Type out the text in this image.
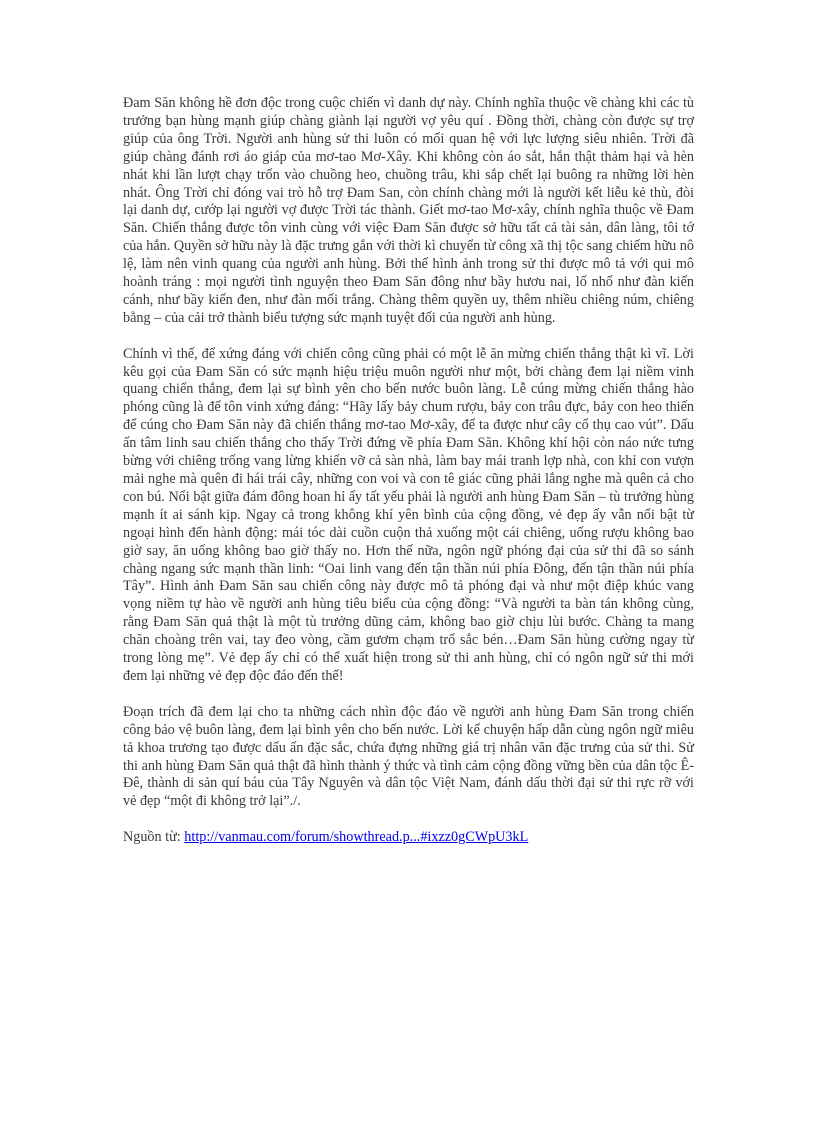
Đam Săn không hề đơn độc trong cuộc chiến vì danh dự này. Chính nghĩa thuộc về chàng khi các tù trưởng bạn hùng mạnh giúp chàng giành lại người vợ yêu quí . Đồng thời, chàng còn được sự trợ giúp của ông Trời. Người anh hùng sử thi luôn có mối quan hệ với lực lượng siêu nhiên. Trời đã giúp chàng đánh rơi áo giáp của mơ-tao Mơ-Xây. Khi không còn áo sắt, hắn thật thảm hại và hèn nhát khi lần lượt chạy trốn vào chuồng heo, chuồng trâu, khi sắp chết lại buông ra những lời hèn nhát. Ông Trời chỉ đóng vai trò hỗ trợ Đam San, còn chính chàng mới là người kết liễu kẻ thù, đòi lại danh dự, cướp lại người vợ được Trời tác thành. Giết mơ-tao Mơ-xây, chính nghĩa thuộc về Đam Săn. Chiến thắng được tôn vinh cùng với việc Đam Săn được sở hữu tất cả tài sản, dân làng, tôi tớ của hắn. Quyền sở hữu này là đặc trưng gắn với thời kì chuyển từ công xã thị tộc sang chiếm hữu nô lệ, làm nên vinh quang của người anh hùng. Bởi thế hình ảnh trong sử thi được mô tả với qui mô hoành tráng : mọi người tình nguyện theo Đam Săn đông như bầy hươu nai, lố nhố như đàn kiến cánh, như bầy kiến đen, như đàn mối trắng. Chàng thêm quyền uy, thêm nhiều chiêng núm, chiêng bằng – của cải trở thành biểu tượng sức mạnh tuyệt đối của người anh hùng.

Chính vì thế, để xứng đáng với chiến công cũng phải có một lễ ăn mừng chiến thắng thật kì vĩ. Lời kêu gọi của Đam Săn có sức mạnh hiệu triệu muôn người như một, bởi chàng đem lại niềm vinh quang chiến thắng, đem lại sự bình yên cho bến nước buôn làng. Lễ cúng mừng chiến thắng hào phóng cũng là để tôn vinh xứng đáng: “Hãy lấy bảy chum rượu, bảy con trâu đực, bảy con heo thiến để cúng cho Đam Săn này đã chiến thắng mơ-tao Mơ-xây, để ta được như cây cổ thụ cao vút”. Dấu ấn tâm linh sau chiến thắng cho thấy Trời đứng về phía Đam Săn. Không khí hội còn náo nức tưng bừng với chiêng trống vang lừng khiến vỡ cả sàn nhà, làm bay mái tranh lợp nhà, con khỉ con vượn mải nghe mà quên đi hái trái cây, những con voi và con tê giác cũng phải lắng nghe mà quên cả cho con bú. Nổi bật giữa đám đông hoan hỉ ấy tất yếu phải là người anh hùng Đam Săn – tù trưởng hùng mạnh ít ai sánh kịp. Ngay cả trong không khí yên bình của cộng đồng, vẻ đẹp ấy vẫn nổi bật từ ngoại hình đến hành động: mái tóc dài cuồn cuộn thả xuống một cái chiêng, uống rượu không bao giờ say, ăn uống không bao giờ thấy no. Hơn thế nữa, ngôn ngữ phóng đại của sử thi đã so sánh chàng ngang sức mạnh thần linh: “Oai linh vang đến tận thần núi phía Đông, đến tận thần núi phía Tây”. Hình ảnh Đam Săn sau chiến công này được mô tả phóng đại và như một điệp khúc vang vọng niềm tự hào về người anh hùng tiêu biểu của cộng đồng: “Và người ta bàn tán không cùng, rằng Đam Săn quả thật là một tù trưởng dũng cảm, không bao giờ chịu lùi bước. Chàng ta mang chăn choàng trên vai, tay đeo vòng, cầm gươm chạm trổ sắc bén…Đam Săn hùng cường ngay từ trong lòng mẹ”. Vẻ đẹp ấy chỉ có thể xuất hiện trong sử thi anh hùng, chỉ có ngôn ngữ sử thi mới đem lại những vẻ đẹp độc đáo đến thế!

Đoạn trích đã đem lại cho ta những cách nhìn độc đáo về người anh hùng Đam Săn trong chiến công bảo vệ buôn làng, đem lại bình yên cho bến nước. Lời kể chuyện hấp dẫn cùng ngôn ngữ miêu tả khoa trương tạo được dấu ấn đặc sắc, chứa đựng những giá trị nhân văn đặc trưng của sử thi. Sử thi anh hùng Đam Săn quả thật đã hình thành ý thức và tình cảm cộng đồng vững bền của dân tộc Ê-Đê, thành di sản quí báu của Tây Nguyên và dân tộc Việt Nam, đánh dấu thời đại sử thi rực rỡ với vẻ đẹp “một đi không trở lại”./.

Nguồn từ: http://vanmau.com/forum/showthread.p...#ixzz0gCWpU3kL
